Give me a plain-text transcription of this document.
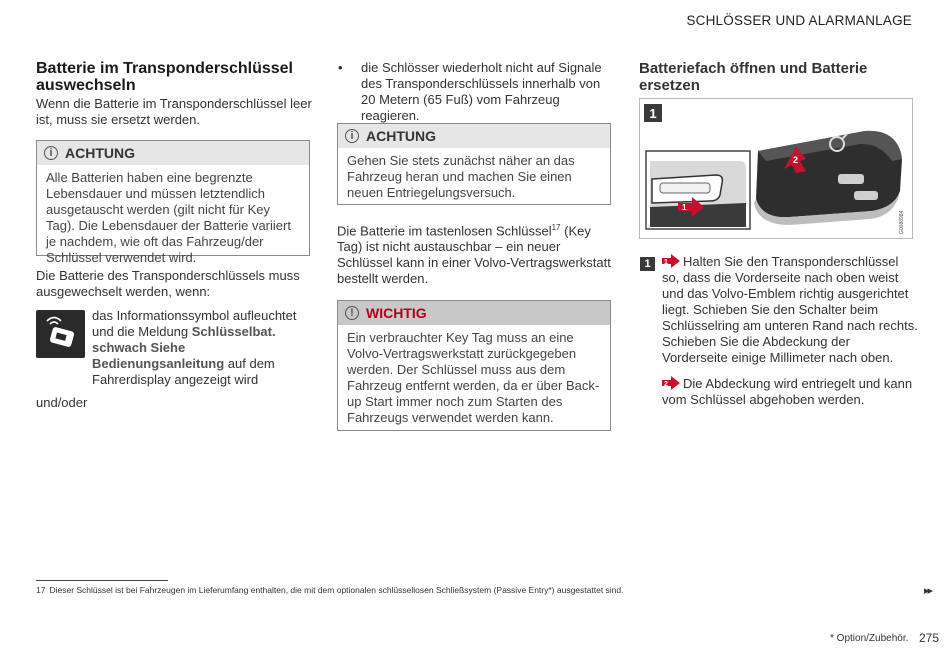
SCHLÖSSER UND ALARMANLAGE
Batterie im Transponderschlüssel auswechseln
Wenn die Batterie im Transponderschlüssel leer ist, muss sie ersetzt werden.
i ACHTUNG
Alle Batterien haben eine begrenzte Lebensdauer und müssen letztendlich ausgetauscht werden (gilt nicht für Key Tag). Die Lebensdauer der Batterie variiert je nachdem, wie oft das Fahrzeug/der Schlüssel verwendet wird.
Die Batterie des Transponderschlüssels muss ausgewechselt werden, wenn:
das Informationssymbol aufleuchtet und die Meldung Schlüsselbat. schwach Siehe Bedienungsanleitung auf dem Fahrerdisplay angezeigt wird
und/oder
• die Schlösser wiederholt nicht auf Signale des Transponderschlüssels innerhalb von 20 Metern (65 Fuß) vom Fahrzeug reagieren.
i ACHTUNG
Gehen Sie stets zunächst näher an das Fahrzeug heran und machen Sie einen neuen Entriegelungsversuch.
Die Batterie im tastenlosen Schlüssel$^{17}$ (Key Tag) ist nicht austauschbar – ein neuer Schlüssel kann in einer Volvo-Vertragswerkstatt bestellt werden.
! WICHTIG
Ein verbrauchter Key Tag muss an eine Volvo-Vertragswerkstatt zurückgegeben werden. Der Schlüssel muss aus dem Fahrzeug entfernt werden, da er über Back-up Start immer noch zum Starten des Fahrzeugs verwendet werden kann.
Batteriefach öffnen und Batterie ersetzen
1
2
1
G0088984
1	1 Halten Sie den Transponderschlüssel so, dass die Vorderseite nach oben weist und das Volvo-Emblem richtig ausgerichtet liegt. Schieben Sie den Schalter beim Schlüsselring am unteren Rand nach rechts. Schieben Sie die Abdeckung der Vorderseite einige Millimeter nach oben.
2 Die Abdeckung wird entriegelt und kann vom Schlüssel abgehoben werden.
17 Dieser Schlüssel ist bei Fahrzeugen im Lieferumfang enthalten, die mit dem optionalen schlüssellosen Schließsystem (Passive Entry*) ausgestattet sind.	▸▸
* Option/Zubehör. 275
